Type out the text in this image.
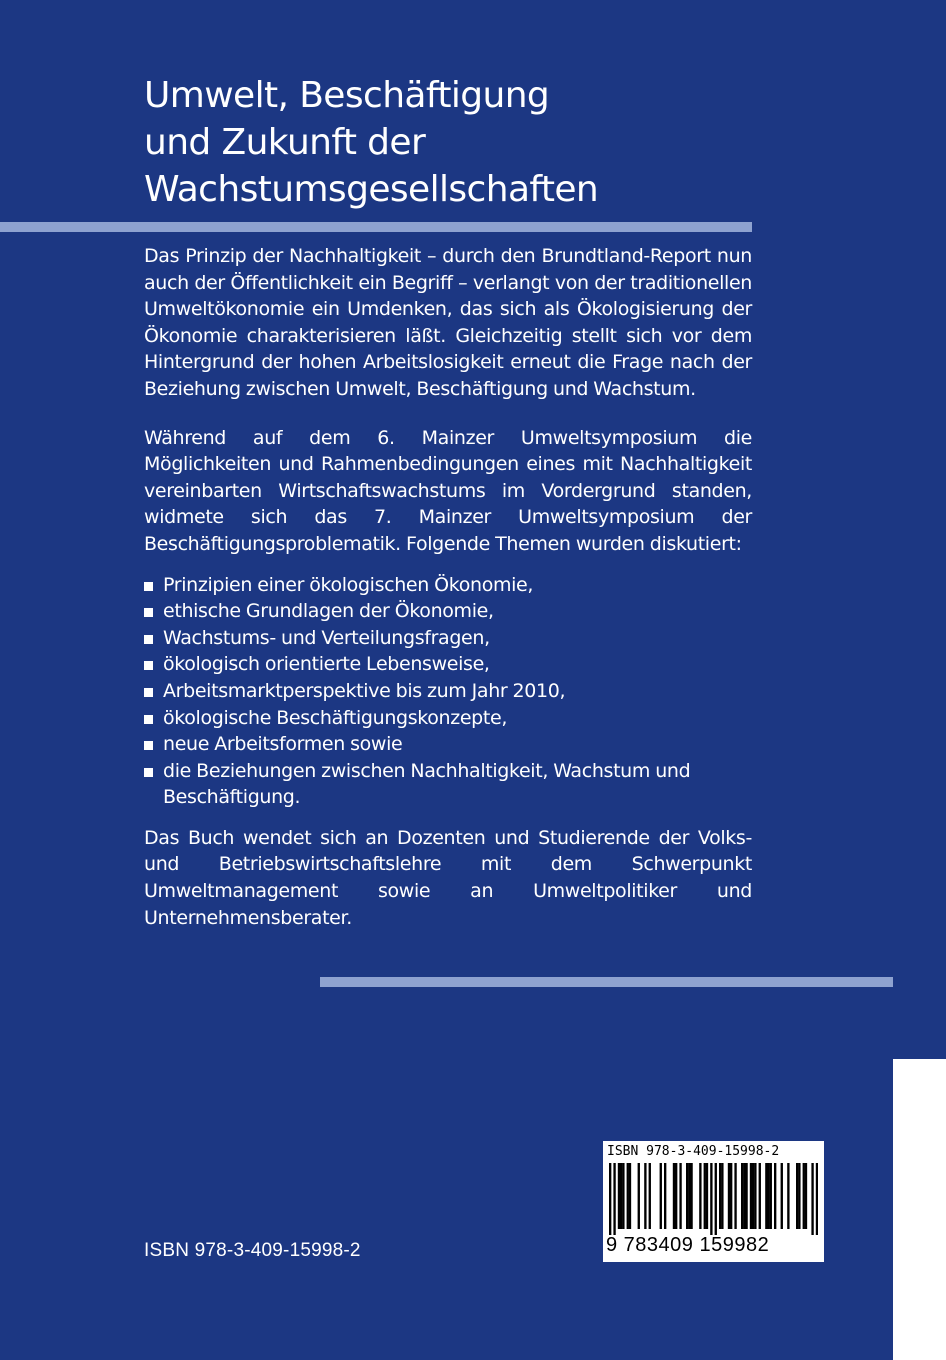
Umwelt, Beschäftigung
und Zukunft der
Wachstumsgesellschaften

Das Prinzip der Nachhaltigkeit – durch den Brundtland-Report nun auch der Öffentlichkeit ein Begriff – verlangt von der traditionellen Umweltökonomie ein Umdenken, das sich als Ökologisierung der Ökonomie charakterisieren läßt. Gleichzeitig stellt sich vor dem Hintergrund der hohen Arbeitslosigkeit erneut die Frage nach der Beziehung zwischen Umwelt, Beschäftigung und Wachstum.

Während auf dem 6. Mainzer Umweltsymposium die Möglichkeiten und Rahmenbedingungen eines mit Nachhaltigkeit vereinbarten Wirtschaftswachstums im Vordergrund standen, widmete sich das 7. Mainzer Umweltsymposium der Beschäftigungsproblematik. Folgende Themen wurden diskutiert:

Prinzipien einer ökologischen Ökonomie,
ethische Grundlagen der Ökonomie,
Wachstums- und Verteilungsfragen,
ökologisch orientierte Lebensweise,
Arbeitsmarktperspektive bis zum Jahr 2010,
ökologische Beschäftigungskonzepte,
neue Arbeitsformen sowie
die Beziehungen zwischen Nachhaltigkeit, Wachstum und Beschäftigung.

Das Buch wendet sich an Dozenten und Studierende der Volks- und Betriebswirtschaftslehre mit dem Schwerpunkt Umweltmanagement sowie an Umweltpolitiker und Unternehmensberater.

ISBN 978-3-409-15998-2
ISBN 978-3-409-15998-2
9 783409 159982
